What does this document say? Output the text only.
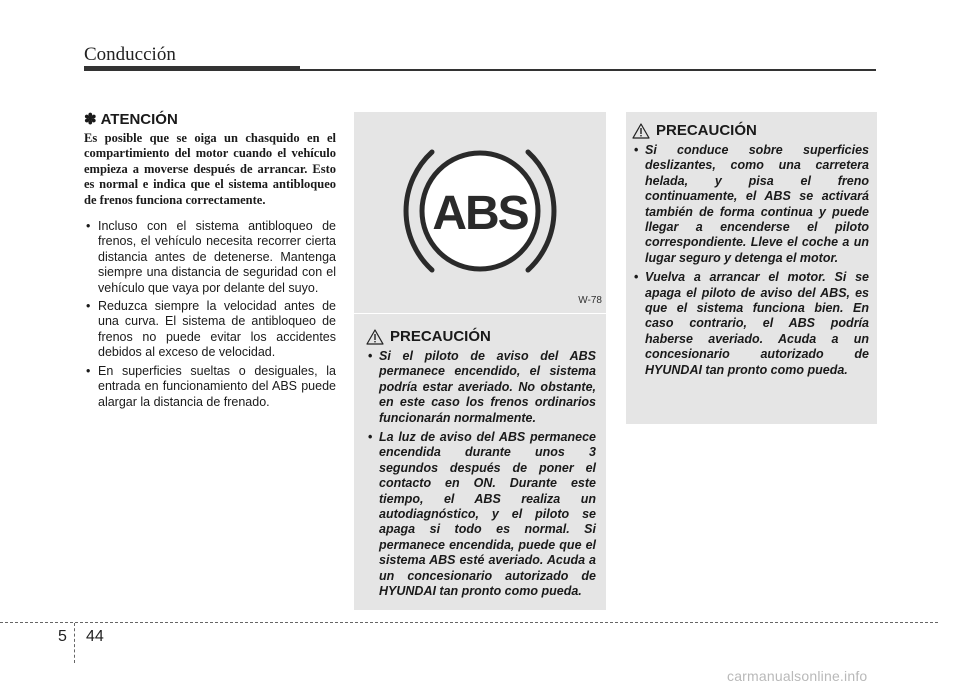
Conducción
✽ ATENCIÓN

Es posible que se oiga un chasquido en el compartimiento del motor cuando el vehículo empieza a moverse después de arrancar. Esto es normal e indica que el sistema antibloqueo de frenos funciona correctamente.

• Incluso con el sistema antibloqueo de frenos, el vehículo necesita recorrer cierta distancia antes de detenerse. Mantenga siempre una distancia de seguridad con el vehículo que vaya por delante del suyo.
• Reduzca siempre la velocidad antes de una curva. El sistema de antibloqueo de frenos no puede evitar los accidentes debidos al exceso de velocidad.
• En superficies sueltas o desiguales, la entrada en funcionamiento del ABS puede alargar la distancia de frenado.
ABS
W-78
PRECAUCIÓN
• Si el piloto de aviso del ABS permanece encendido, el sistema podría estar averiado. No obstante, en este caso los frenos ordinarios funcionarán normalmente.
• La luz de aviso del ABS permanece encendida durante unos 3 segundos después de poner el contacto en ON. Durante este tiempo, el ABS realiza un autodiagnóstico, y el piloto se apaga si todo es normal. Si permanece encendida, puede que el sistema ABS esté averiado. Acuda a un concesionario autorizado de HYUNDAI tan pronto como pueda.
PRECAUCIÓN
• Si conduce sobre superficies deslizantes, como una carretera helada, y pisa el freno continuamente, el ABS se activará también de forma continua y puede llegar a encenderse el piloto correspondiente. Lleve el coche a un lugar seguro y detenga el motor.
• Vuelva a arrancar el motor. Si se apaga el piloto de aviso del ABS, es que el sistema funciona bien. En caso contrario, el ABS podría haberse averiado. Acuda a un concesionario autorizado de HYUNDAI tan pronto como pueda.
5 44
carmanualsonline.info
